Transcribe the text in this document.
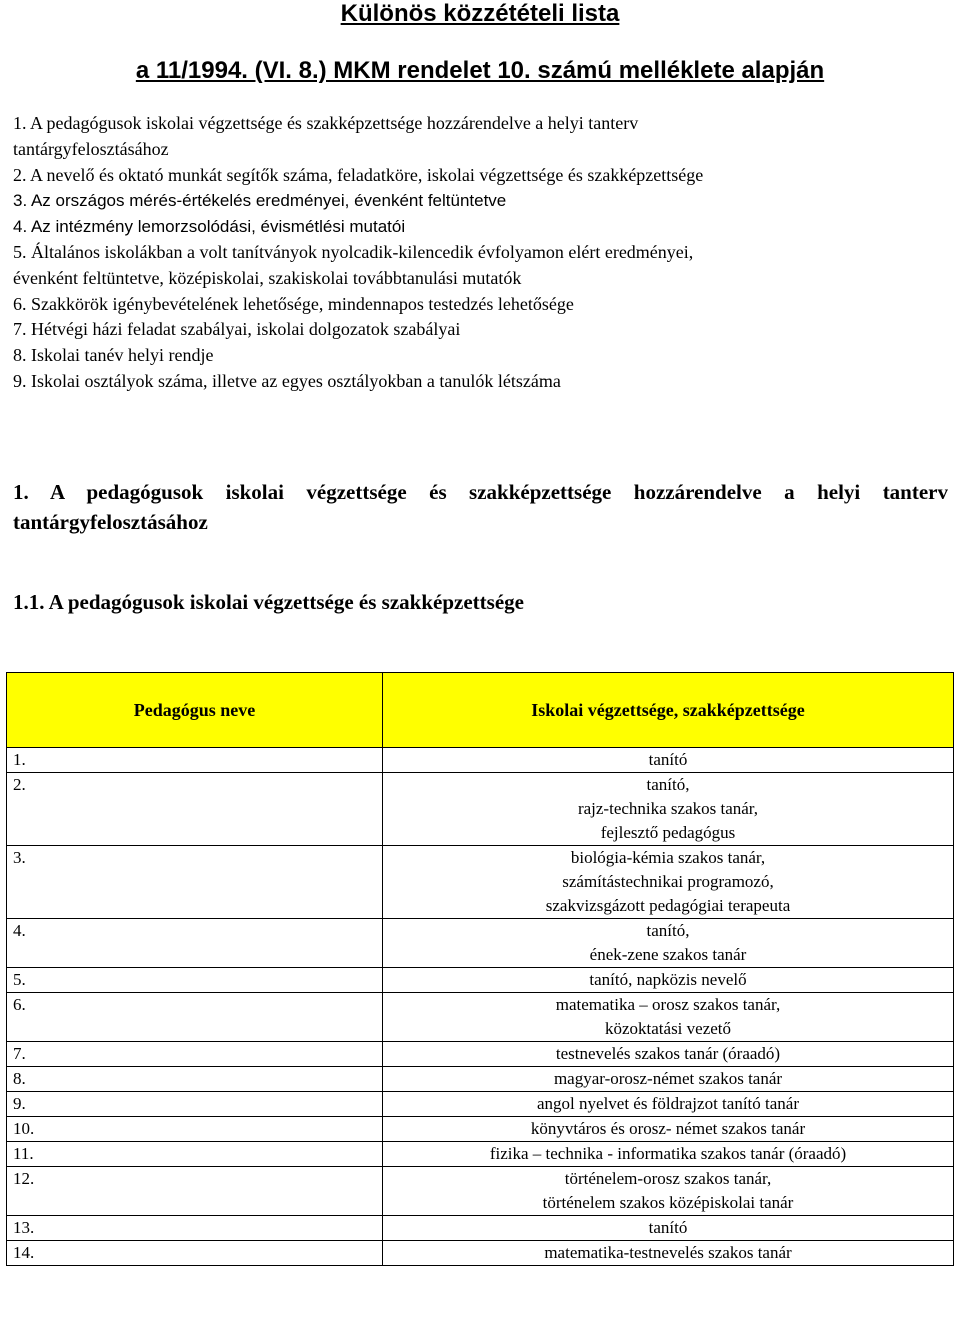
Különös közzétételi lista
a 11/1994. (VI. 8.) MKM rendelet 10. számú melléklete alapján
1. A pedagógusok iskolai végzettsége és szakképzettsége hozzárendelve a helyi tanterv
tantárgyfelosztásához
2. A nevelő és oktató munkát segítők száma, feladatköre, iskolai végzettsége és szakképzettsége
3. Az országos mérés-értékelés eredményei, évenként feltüntetve
4. Az intézmény lemorzsolódási, évismétlési mutatói
5. Általános iskolákban a volt tanítványok nyolcadik-kilencedik évfolyamon elért eredményei,
évenként feltüntetve, középiskolai, szakiskolai továbbtanulási mutatók
6. Szakkörök igénybevételének lehetősége, mindennapos testedzés lehetősége
7. Hétvégi házi feladat szabályai, iskolai dolgozatok szabályai
8. Iskolai tanév helyi rendje
9. Iskolai osztályok száma, illetve az egyes osztályokban a tanulók létszáma
1. A pedagógusok iskolai végzettsége és szakképzettsége hozzárendelve a helyi tanterv tantárgyfelosztásához
1.1. A pedagógusok iskolai végzettsége és szakképzettsége
Pedagógus neve	Iskolai végzettsége, szakképzettsége
1.	tanító

2.	tanító,
rajz-technika szakos tanár,
fejlesztő pedagógus

3.	biológia-kémia szakos tanár,
számítástechnikai programozó,
szakvizsgázott pedagógiai terapeuta

4.	tanító,
ének-zene szakos tanár

5.	tanító, napközis nevelő

6.	matematika – orosz szakos tanár,
közoktatási vezető

7.	testnevelés szakos tanár (óraadó)

8.	magyar-orosz-német szakos tanár

9.	angol nyelvet és földrajzot tanító tanár

10.	könyvtáros és orosz- német szakos tanár

11.	fizika – technika - informatika szakos tanár (óraadó)

12.	történelem-orosz szakos tanár,
történelem szakos középiskolai tanár

13.	tanító

14.	matematika-testnevelés szakos tanár
